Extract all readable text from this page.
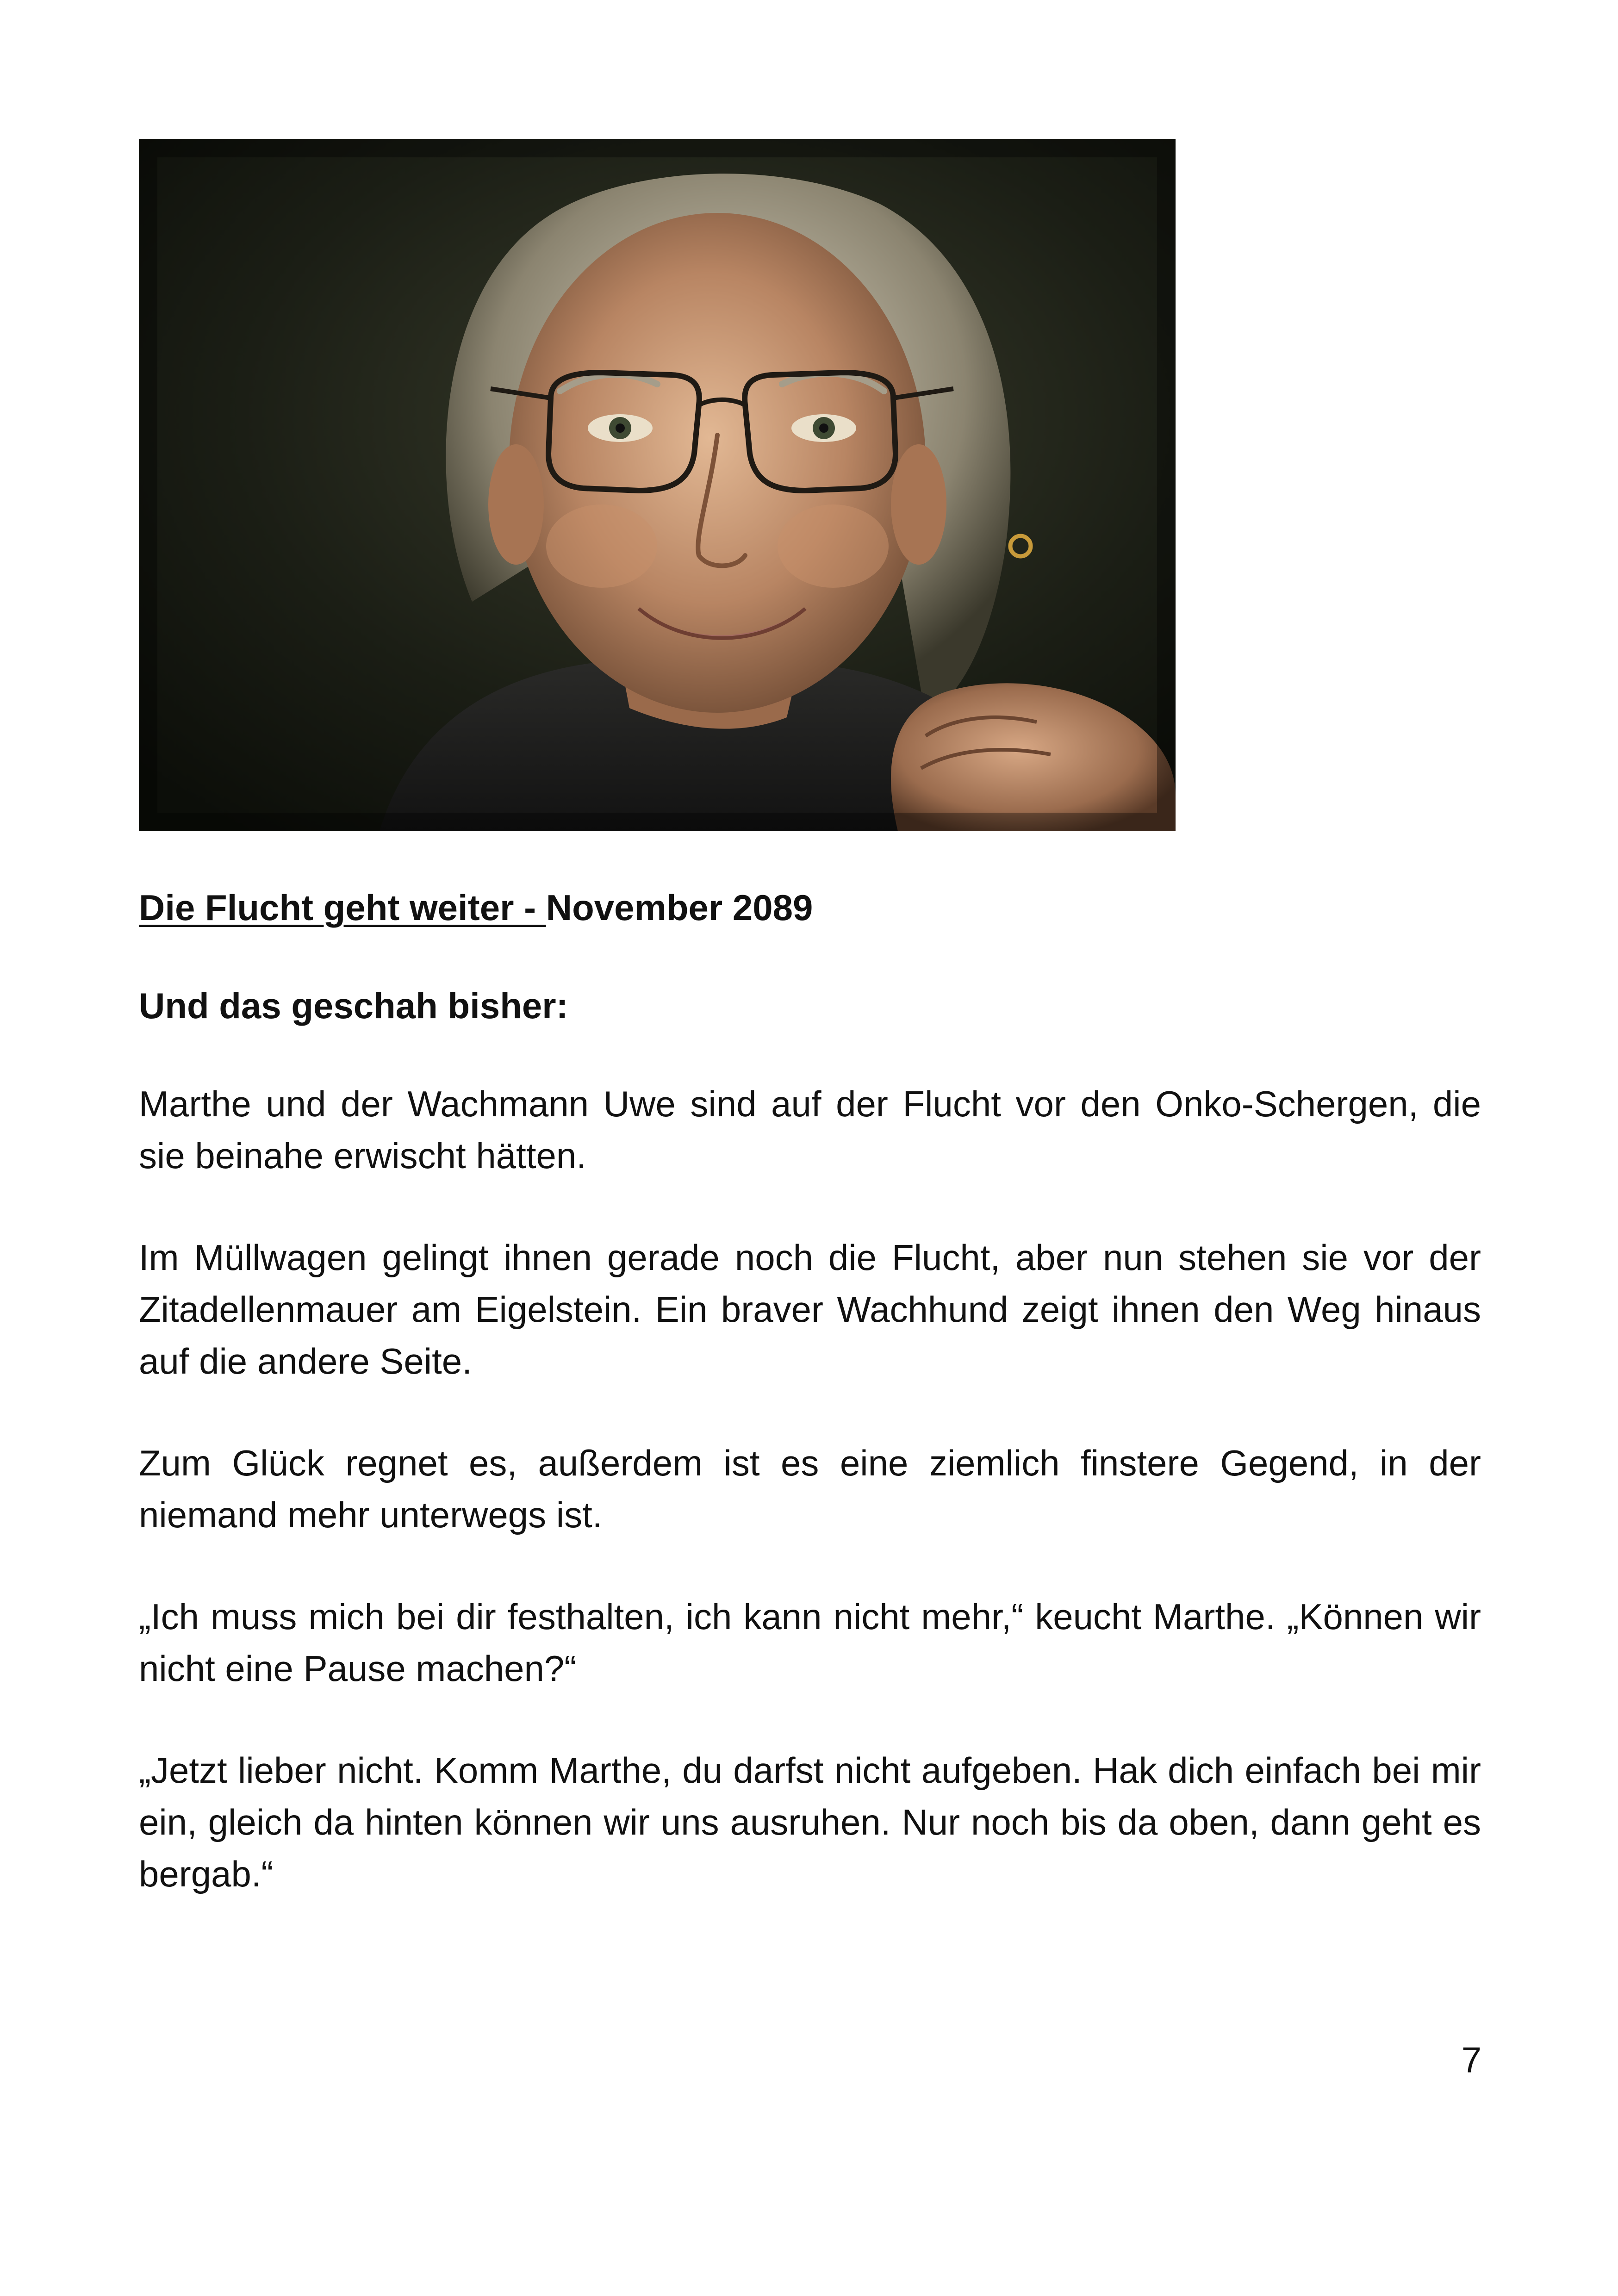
Die Flucht geht weiter - November 2089

Und das geschah bisher:

Marthe und der Wachmann Uwe sind auf der Flucht vor den Onko-Schergen, die sie beinahe erwischt hätten.

Im Müllwagen gelingt ihnen gerade noch die Flucht, aber nun stehen sie vor der Zitadellenmauer am Eigelstein. Ein braver Wachhund zeigt ihnen den Weg hinaus auf die andere Seite.

Zum Glück regnet es, außerdem ist es eine ziemlich finstere Gegend, in der niemand mehr unterwegs ist.

„Ich muss mich bei dir festhalten, ich kann nicht mehr,“ keucht Marthe. „Können wir nicht eine Pause machen?“

„Jetzt lieber nicht. Komm Marthe, du darfst nicht aufgeben. Hak dich einfach bei mir ein, gleich da hinten können wir uns ausruhen. Nur noch bis da oben, dann geht es bergab.“

7
